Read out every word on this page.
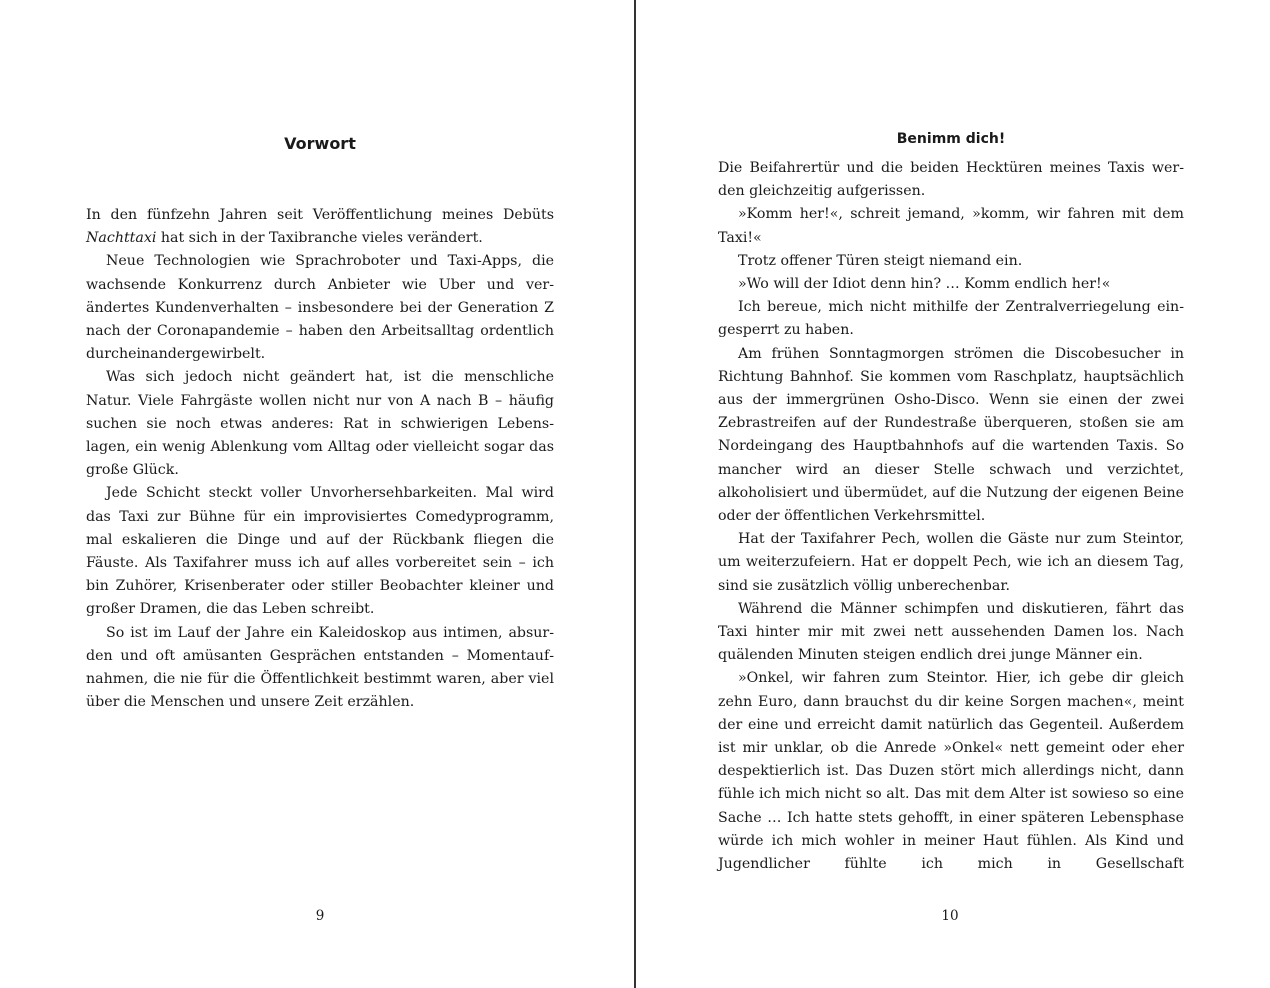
Vorwort

In den fünfzehn Jahren seit Veröffentlichung meines Debüts Nachttaxi hat sich in der Taxibranche vieles verändert.

Neue Technologien wie Sprachroboter und Taxi-Apps, die wachsende Konkurrenz durch Anbieter wie Uber und verändertes Kundenverhalten – insbesondere bei der Generation Z nach der Coronapandemie – haben den Arbeitsalltag ordentlich durcheinandergewirbelt.

Was sich jedoch nicht geändert hat, ist die menschliche Natur. Viele Fahrgäste wollen nicht nur von A nach B – häufig suchen sie noch etwas anderes: Rat in schwierigen Lebenslagen, ein wenig Ablenkung vom Alltag oder vielleicht sogar das große Glück.

Jede Schicht steckt voller Unvorhersehbarkeiten. Mal wird das Taxi zur Bühne für ein improvisiertes Comedyprogramm, mal eskalieren die Dinge und auf der Rückbank fliegen die Fäuste. Als Taxifahrer muss ich auf alles vorbereitet sein – ich bin Zuhörer, Krisenberater oder stiller Beobachter kleiner und großer Dramen, die das Leben schreibt.

So ist im Lauf der Jahre ein Kaleidoskop aus intimen, absurden und oft amüsanten Gesprächen entstanden – Momentaufnahmen, die nie für die Öffentlichkeit bestimmt waren, aber viel über die Menschen und unsere Zeit erzählen.

9
Benimm dich!

Die Beifahrertür und die beiden Hecktüren meines Taxis werden gleichzeitig aufgerissen.

»Komm her!«, schreit jemand, »komm, wir fahren mit dem Taxi!«

Trotz offener Türen steigt niemand ein.

»Wo will der Idiot denn hin? … Komm endlich her!«

Ich bereue, mich nicht mithilfe der Zentralverriegelung eingesperrt zu haben.

Am frühen Sonntagmorgen strömen die Discobesucher in Richtung Bahnhof. Sie kommen vom Raschplatz, hauptsächlich aus der immergrünen Osho-Disco. Wenn sie einen der zwei Zebrastreifen auf der Rundestraße überqueren, stoßen sie am Nordeingang des Hauptbahnhofs auf die wartenden Taxis. So mancher wird an dieser Stelle schwach und verzichtet, alkoholisiert und übermüdet, auf die Nutzung der eigenen Beine oder der öffentlichen Verkehrsmittel.

Hat der Taxifahrer Pech, wollen die Gäste nur zum Steintor, um weiterzufeiern. Hat er doppelt Pech, wie ich an diesem Tag, sind sie zusätzlich völlig unberechenbar.

Während die Männer schimpfen und diskutieren, fährt das Taxi hinter mir mit zwei nett aussehenden Damen los. Nach quälenden Minuten steigen endlich drei junge Männer ein.

»Onkel, wir fahren zum Steintor. Hier, ich gebe dir gleich zehn Euro, dann brauchst du dir keine Sorgen machen«, meint der eine und erreicht damit natürlich das Gegenteil. Außerdem ist mir unklar, ob die Anrede »Onkel« nett gemeint oder eher despektierlich ist. Das Duzen stört mich allerdings nicht, dann fühle ich mich nicht so alt. Das mit dem Alter ist sowieso so eine Sache … Ich hatte stets gehofft, in einer späteren Lebensphase würde ich mich wohler in meiner Haut fühlen. Als Kind und Jugendlicher fühlte ich mich in Gesellschaft

10
